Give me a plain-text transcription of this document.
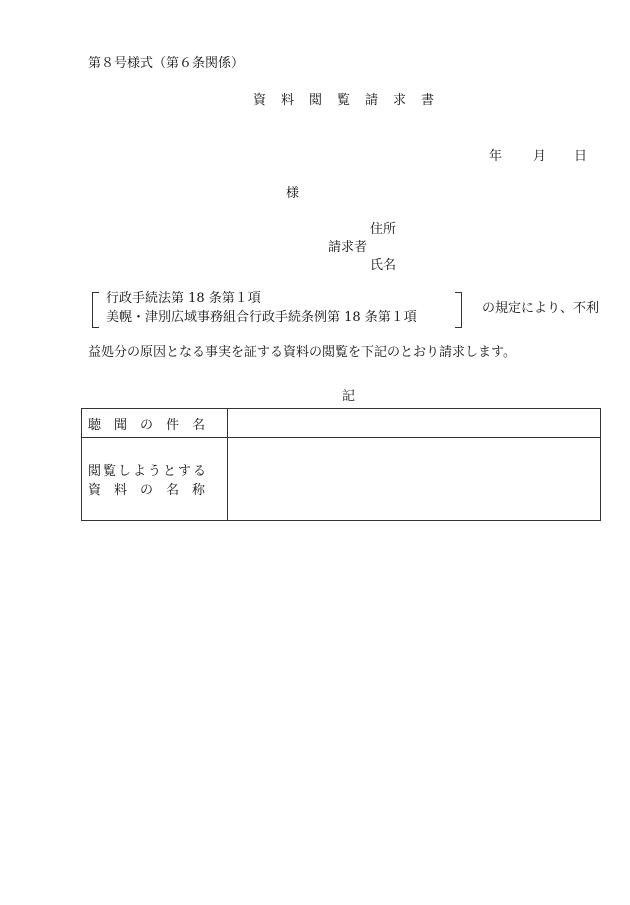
第８号様式（第６条関係）
資　料　閲　覧　請　求　書
年 月 日
様
住所
請求者
氏名
行政手続法第 18 条第１項
美幌・津別広域事務組合行政手続条例第 18 条第１項
の規定により、不利
益処分の原因となる事実を証する資料の閲覧を下記のとおり請求します。
記
聴　聞　の　件　名	

閲覧しようとする
資　料　の　名　称	
